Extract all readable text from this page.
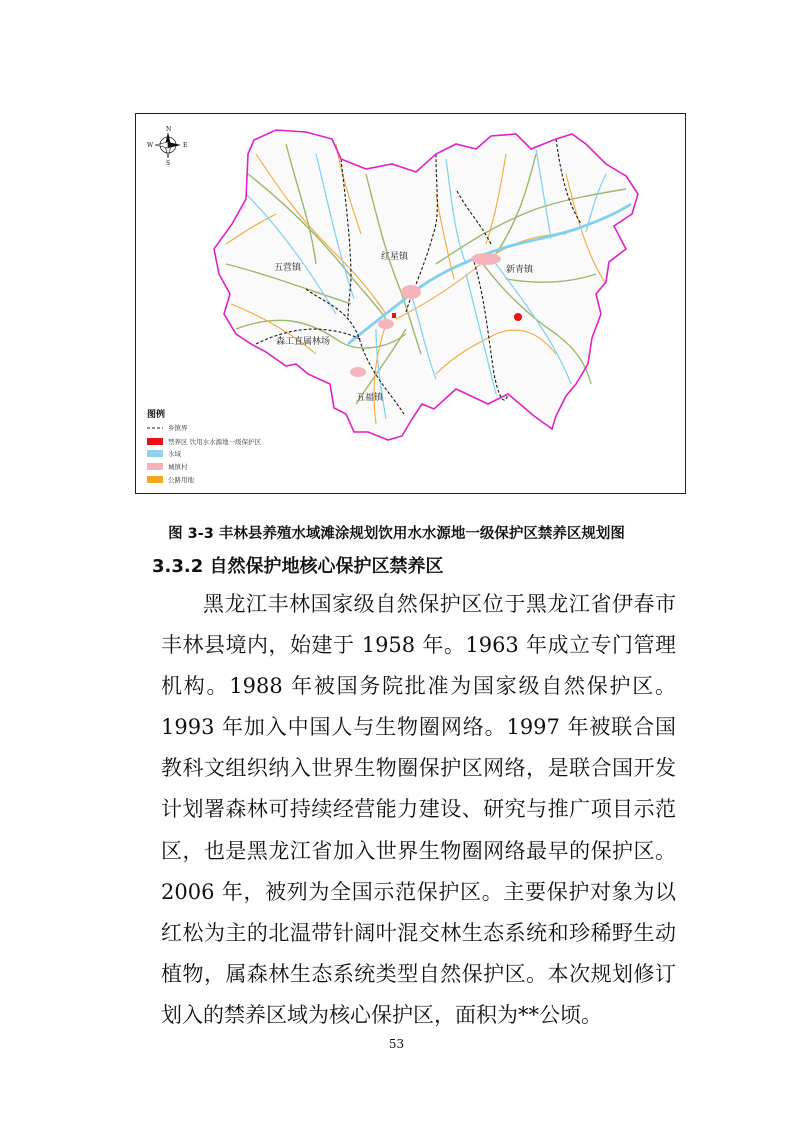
五营镇
红星镇
新青镇
森工直属林场
五福镇
N
S
E
W
图例
乡镇界
禁养区 饮用水水源地一级保护区
水域
城镇村
公路用地
图 3-3 丰林县养殖水域滩涂规划饮用水水源地一级保护区禁养区规划图
3.3.2 自然保护地核心保护区禁养区

黑龙江丰林国家级自然保护区位于黑龙江省伊春市丰林县境内，始建于 1958 年。1963 年成立专门管理机构。1988 年被国务院批准为国家级自然保护区。1993 年加入中国人与生物圈网络。1997 年被联合国教科文组织纳入世界生物圈保护区网络，是联合国开发计划署森林可持续经营能力建设、研究与推广项目示范区，也是黑龙江省加入世界生物圈网络最早的保护区。2006 年，被列为全国示范保护区。主要保护对象为以红松为主的北温带针阔叶混交林生态系统和珍稀野生动植物，属森林生态系统类型自然保护区。本次规划修订划入的禁养区域为核心保护区，面积为**公顷。

53
